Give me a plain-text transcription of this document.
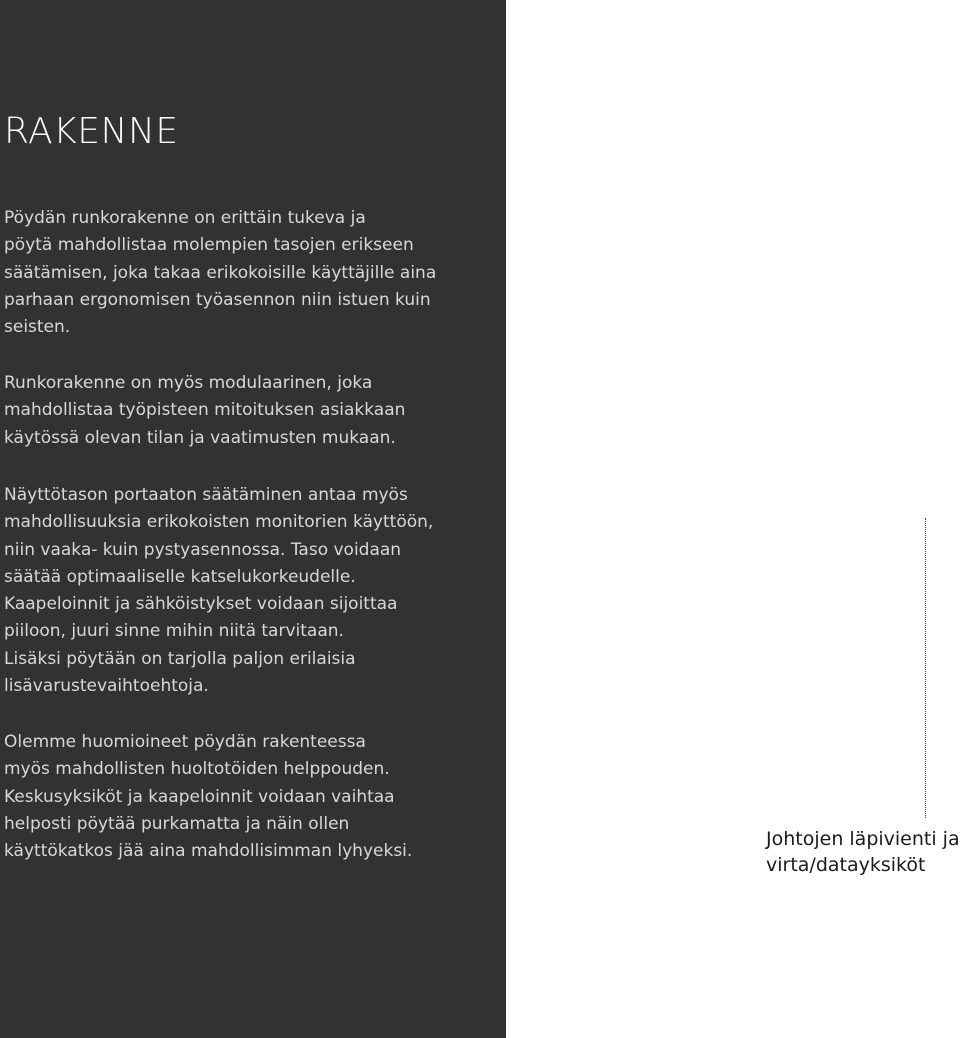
RAKENNE

Pöydän runkorakenne on erittäin tukeva ja
pöytä mahdollistaa molempien tasojen erikseen
säätämisen, joka takaa erikokoisille käyttäjille aina
parhaan ergonomisen työasennon niin istuen kuin
seisten.

Runkorakenne on myös modulaarinen, joka
mahdollistaa työpisteen mitoituksen asiakkaan
käytössä olevan tilan ja vaatimusten mukaan.

Näyttötason portaaton säätäminen antaa myös
mahdollisuuksia erikokoisten monitorien käyttöön,
niin vaaka- kuin pystyasennossa. Taso voidaan
säätää optimaaliselle katselukorkeudelle.
Kaapeloinnit ja sähköistykset voidaan sijoittaa
piiloon, juuri sinne mihin niitä tarvitaan.
Lisäksi pöytään on tarjolla paljon erilaisia
lisävarustevaihtoehtoja.

Olemme huomioineet pöydän rakenteessa
myös mahdollisten huoltotöiden helppouden.
Keskusyksiköt ja kaapeloinnit voidaan vaihtaa
helposti pöytää purkamatta ja näin ollen
käyttökatkos jää aina mahdollisimman lyhyeksi.

Johtojen läpivienti ja
virta/datayksiköt
